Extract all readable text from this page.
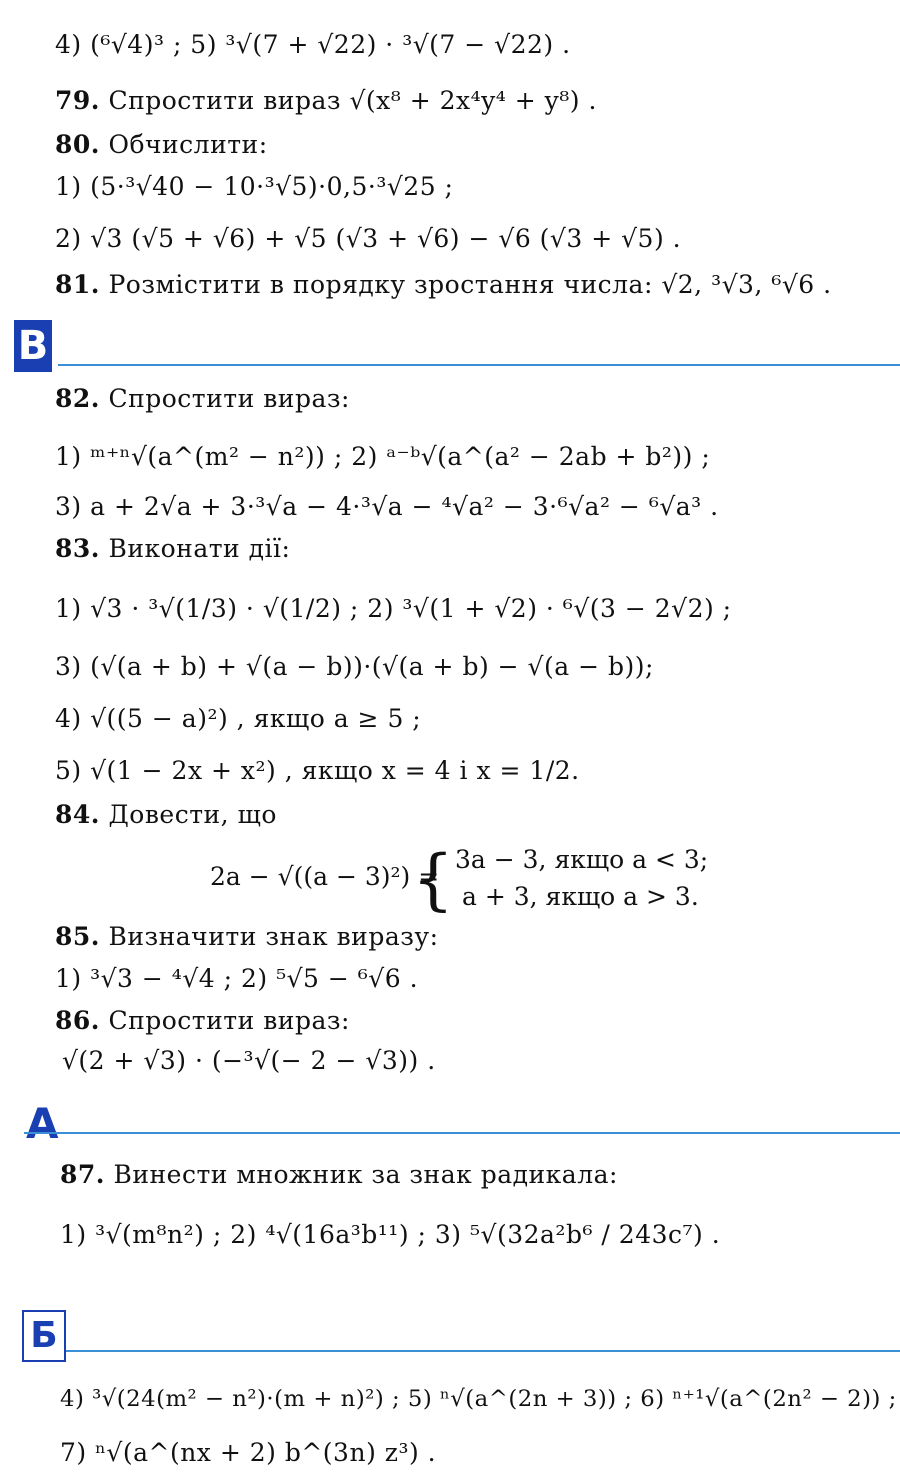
4) (⁶√4)³ ; 5) ³√(7 + √22) · ³√(7 − √22) .
79. Спростити вираз √(x⁸ + 2x⁴y⁴ + y⁸) .
80. Обчислити:
1) (5·³√40 − 10·³√5)·0,5·³√25 ;
2) √3 (√5 + √6) + √5 (√3 + √6) − √6 (√3 + √5) .
81. Розмістити в порядку зростання числа: √2, ³√3, ⁶√6 .
B
82. Спростити вираз:
1) ᵐ⁺ⁿ√(a^(m² − n²)) ; 2) ᵃ⁻ᵇ√(a^(a² − 2ab + b²)) ;
3) a + 2√a + 3·³√a − 4·³√a − ⁴√a² − 3·⁶√a² − ⁶√a³ .
83. Виконати дії:
1) √3 · ³√(1/3) · √(1/2) ; 2) ³√(1 + √2) · ⁶√(3 − 2√2) ;
3) (√(a + b) + √(a − b))·(√(a + b) − √(a − b));
4) √((5 − a)²) , якщо a ≥ 5 ;
5) √(1 − 2x + x²) , якщо x = 4 і x = 1/2.
84. Довести, що
2a − √((a − 3)²) =
{ 3a − 3, якщо a < 3;
a + 3, якщо a > 3.
85. Визначити знак виразу:
1) ³√3 − ⁴√4 ; 2) ⁵√5 − ⁶√6 .
86. Спростити вираз:
√(2 + √3) · (−³√(− 2 − √3)) .
A
87. Винести множник за знак радикала:
1) ³√(m⁸n²) ; 2) ⁴√(16a³b¹¹) ; 3) ⁵√(32a²b⁶ / 243c⁷) .
Б
4) ³√(24(m² − n²)·(m + n)²) ; 5) ⁿ√(a^(2n + 3)) ; 6) ⁿ⁺¹√(a^(2n² − 2)) ;
7) ⁿ√(a^(nx + 2) b^(3n) z³) .
